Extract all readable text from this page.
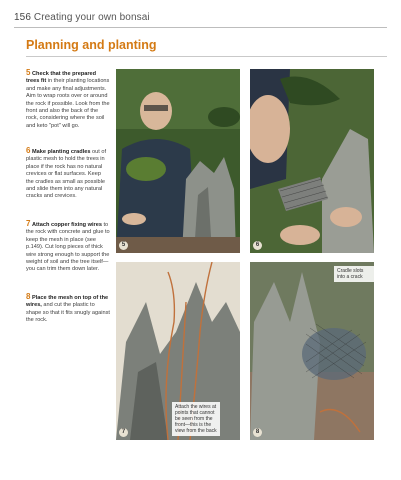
156 Creating your own bonsai
Planning and planting

5 Check that the prepared trees fit in their planting locations and make any final adjustments. Aim to wrap roots over or around the rock if possible. Look from the front and also the back of the rock, considering where the soil and keto "pot" will go.

6 Make planting cradles out of plastic mesh to hold the trees in place if the rock has no natural crevices or flat surfaces. Keep the cradles as small as possible and slide them into any natural cracks and crevices.

7 Attach copper fixing wires to the rock with concrete and glue to keep the mesh in place (see p.149). Cut long pieces of thick wire strong enough to support the weight of soil and the tree itself—you can trim them down later.

8 Place the mesh on top of the wires, and cut the plastic to shape so that it fits snugly against the rock.

5	6
Attach the wires at points that cannot be seen from the front—this is the view from the back
7
Cradle slots into a crack
8
